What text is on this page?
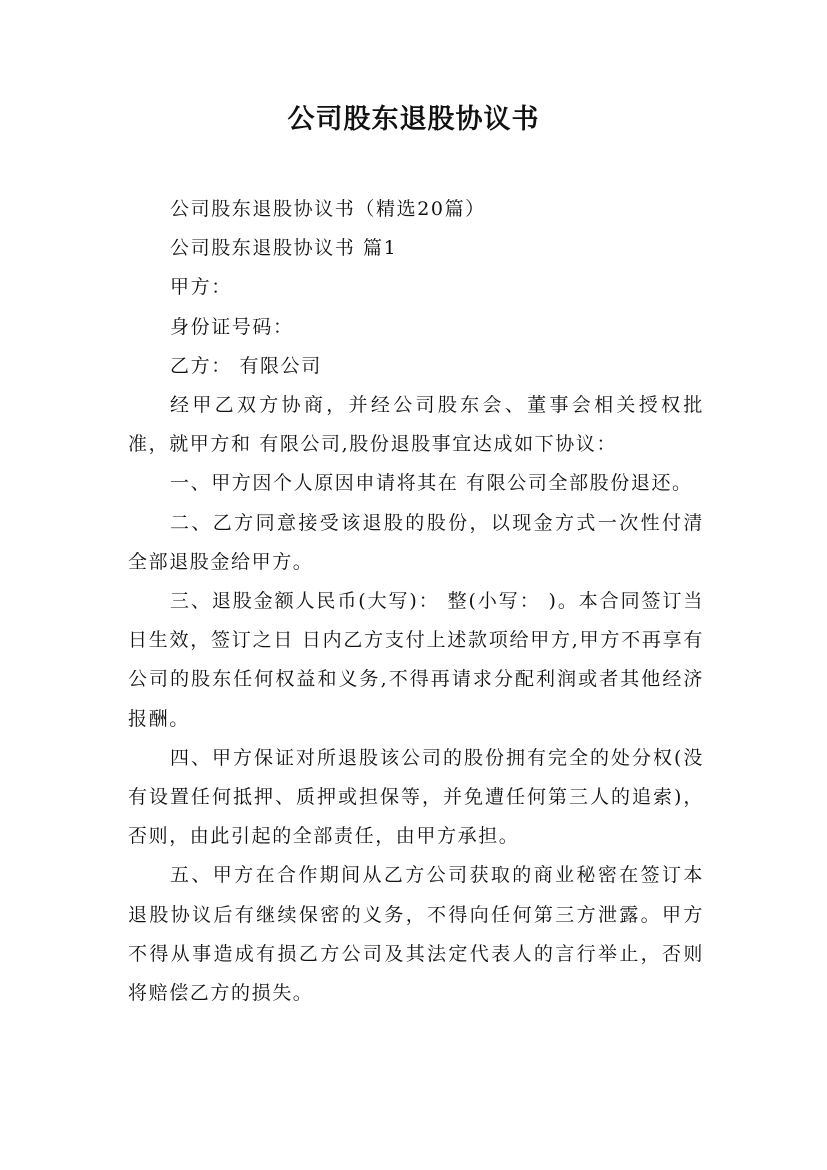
公司股东退股协议书

公司股东退股协议书（精选20篇）

公司股东退股协议书 篇1

甲方：

身份证号码：

乙方： 有限公司

经甲乙双方协商，并经公司股东会、董事会相关授权批准，就甲方和 有限公司,股份退股事宜达成如下协议：

一、甲方因个人原因申请将其在 有限公司全部股份退还。

二、乙方同意接受该退股的股份，以现金方式一次性付清全部退股金给甲方。

三、退股金额人民币(大写)： 整(小写： )。本合同签订当日生效，签订之日 日内乙方支付上述款项给甲方,甲方不再享有公司的股东任何权益和义务,不得再请求分配利润或者其他经济报酬。

四、甲方保证对所退股该公司的股份拥有完全的处分权(没有设置任何抵押、质押或担保等，并免遭任何第三人的追索)，否则，由此引起的全部责任，由甲方承担。

五、甲方在合作期间从乙方公司获取的商业秘密在签订本退股协议后有继续保密的义务，不得向任何第三方泄露。甲方不得从事造成有损乙方公司及其法定代表人的言行举止，否则将赔偿乙方的损失。
